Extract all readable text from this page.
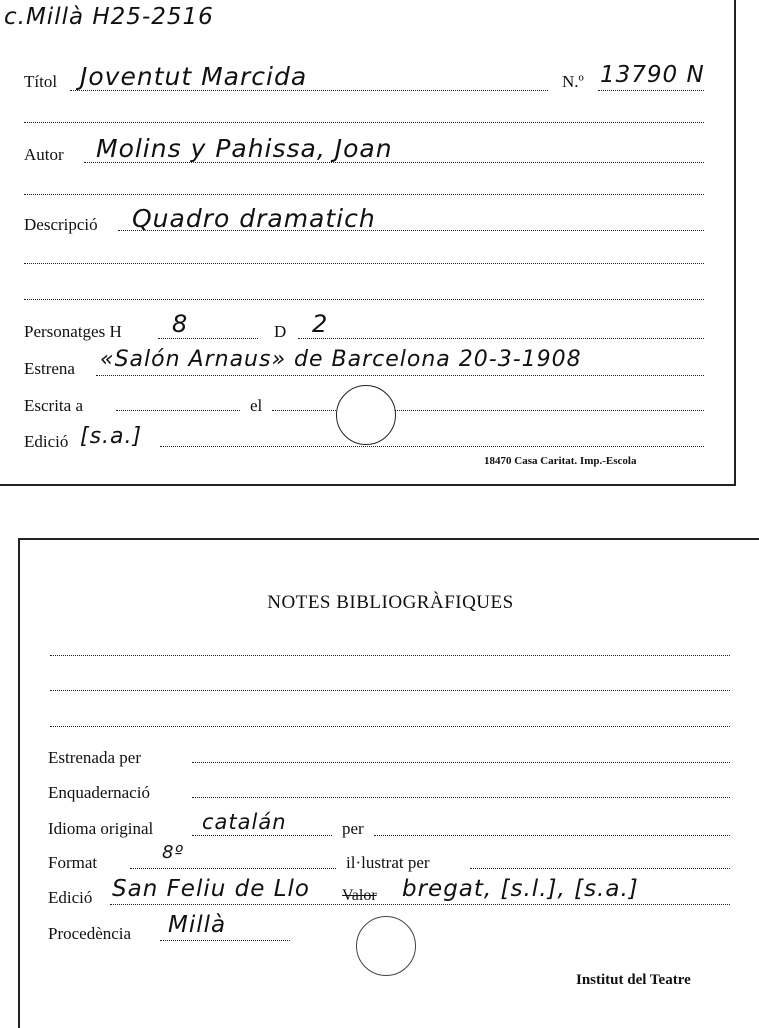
c.Millà H25-2516
Títol Joventut Marcida	N.º 13790 N
Autor Molins y Pahissa, Joan
Descripció Quadro dramatich
Personatges H 8	D 2
Estrena «Salón Arnaus» de Barcelona 20-3-1908
Escrita a	el
Edició [s.a.]
18470 Casa Caritat. Imp.-Escola
NOTES BIBLIOGRÀFIQUES
Estrenada per
Enquadernació
Idioma original catalán	per
Format	8º	il·lustrat per
Edició San Feliu de Llo Valor bregat, [s.l.], [s.a.]
Procedència Millà
Institut del Teatre
